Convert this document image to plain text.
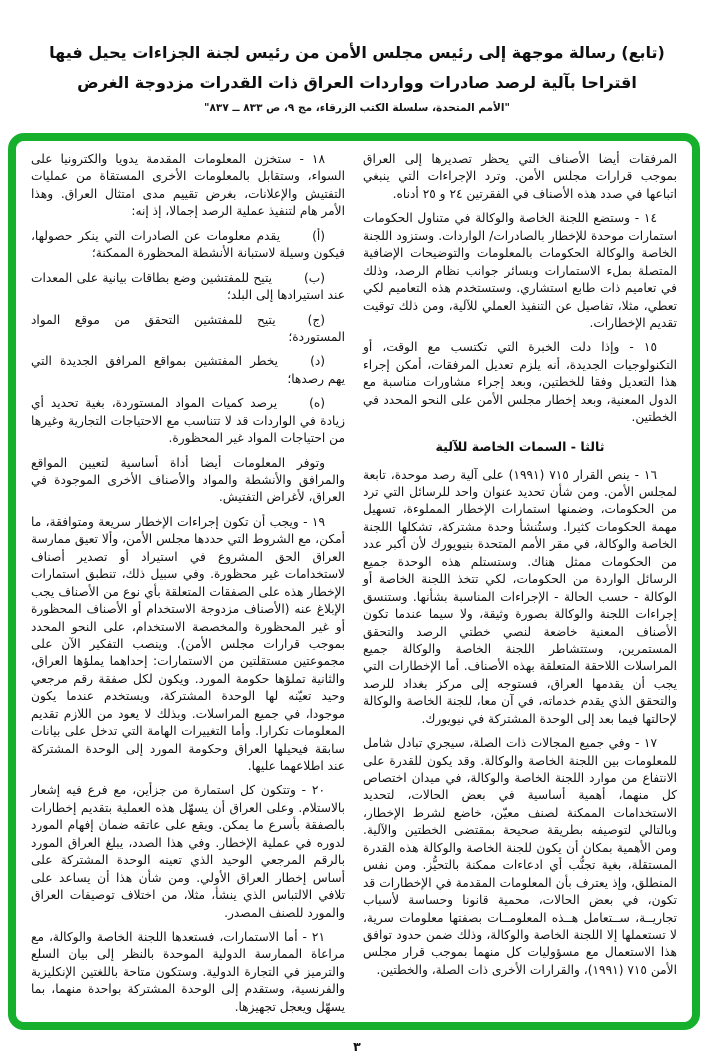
(تابع) رسالة موجهة إلى رئيس مجلس الأمن من رئيس لجنة الجزاءات يحيل فيها
اقتراحا بآلية لرصد صادرات وواردات العراق ذات القدرات مزدوجة الغرض
"الأمم المتحدة، سلسلة الكتب الزرقاء، مج ٩، ص ٨٣٣ ــ ٨٣٧"

المرفقات أيضا الأصناف التي يحظر تصديرها إلى العراق بموجب قرارات مجلس الأمن. وترد الإجراءات التي ينبغي اتباعها في صدد هذه الأصناف في الفقرتين ٢٤ و ٢٥ أدناه.

١٤ - وستضع اللجنة الخاصة والوكالة في متناول الحكومات استمارات موحدة للإخطار بالصادرات/ الواردات. وستزود اللجنة الخاصة والوكالة الحكومات بالمعلومات والتوضيحات الإضافية المتصلة بملء الاستمارات وبسائر جوانب نظام الرصد، وذلك في تعاميم ذات طابع استشاري. وستستخدم هذه التعاميم لكي تعطي، مثلا، تفاصيل عن التنفيذ العملي للآلية، ومن ذلك توقيت تقديم الإخطارات.

١٥ - وإذا دلت الخبرة التي تكتسب مع الوقت، أو التكنولوجيات الجديدة، أنه يلزم تعديل المرفقات، أمكن إجراء هذا التعديل وفقا للخطتين، وبعد إجراء مشاورات مناسبة مع الدول المعنية، وبعد إخطار مجلس الأمن على النحو المحدد في الخطتين.

ثالثا - السمات الخاصة للآلية

١٦ - ينص القرار ٧١٥ (١٩٩١) على آلية رصد موحدة، تابعة لمجلس الأمن. ومن شأن تحديد عنوان واحد للرسائل التي ترد من الحكومات، وضمنها استمارات الإخطار المملوءة، تسهيل مهمة الحكومات كثيرا. وستُنشأ وحدة مشتركة، تشكلها اللجنة الخاصة والوكالة، في مقر الأمم المتحدة بنيويورك لأن أكبر عدد من الحكومات ممثل هناك. وستستلم هذه الوحدة جميع الرسائل الواردة من الحكومات، لكي تتخذ اللجنة الخاصة أو الوكالة - حسب الحالة - الإجراءات المناسبة بشأنها. وستنسق إجراءات اللجنة والوكالة بصورة وثيقة، ولا سيما عندما تكون الأصناف المعنية خاضعة لنصي خطتي الرصد والتحقق المستمرين، وستتشاطر اللجنة الخاصة والوكالة جميع المراسلات اللاحقة المتعلقة بهذه الأصناف. أما الإخطارات التي يجب أن يقدمها العراق، فستوجه إلى مركز بغداد للرصد والتحقق الذي يقدم خدماته، في آن معا، للجنة الخاصة والوكالة لإحالتها فيما بعد إلى الوحدة المشتركة في نيويورك.

١٧ - وفي جميع المجالات ذات الصلة، سيجري تبادل شامل للمعلومات بين اللجنة الخاصة والوكالة. وقد يكون للقدرة على الانتفاع من موارد اللجنة الخاصة والوكالة، في ميدان اختصاص كل منهما، أهمية أساسية في بعض الحالات، لتحديد الاستخدامات الممكنة لصنف معيّن، خاضع لشرط الإخطار، وبالتالي لتوصيفه بطريقة صحيحة بمقتضى الخطتين والآلية. ومن الأهمية بمكان أن يكون للجنة الخاصة والوكالة هذه القدرة المستقلة، بغية تجنُّب أي ادعاءات ممكنة بالتحيُّز. ومن نفس المنطلق، وإذ يعترف بأن المعلومات المقدمة في الإخطارات قد تكون، في بعض الحالات، محمية قانونا وحساسة لأسباب تجاريــة، ســتعامل هــذه المعلومــات بصفتها معلومات سرية، لا تستعملها إلا اللجنة الخاصة والوكالة، وذلك ضمن حدود توافق هذا الاستعمال مع مسؤوليات كل منهما بموجب قرار مجلس الأمن ٧١٥ (١٩٩١)، والقرارات الأخرى ذات الصلة، والخطتين.

١٨ - ستخزن المعلومات المقدمة يدويا والكترونيا على السواء، وستقابل بالمعلومات الأخرى المستقاة من عمليات التفتيش والإعلانات، بغرض تقييم مدى امتثال العراق. وهذا الأمر هام لتنفيذ عملية الرصد إجمالا، إذ إنه:

(أ)يقدم معلومات عن الصادرات التي ينكر حصولها، فيكون وسيلة لاستبانة الأنشطة المحظورة الممكنة؛
(ب)يتيح للمفتشين وضع بطاقات بيانية على المعدات عند استيرادها إلى البلد؛
(ج)يتيح للمفتشين التحقق من موقع المواد المستوردة؛
(د)يخطر المفتشين بمواقع المرافق الجديدة التي يهم رصدها؛
(ه)يرصد كميات المواد المستوردة، بغية تحديد أي زيادة في الواردات قد لا تتناسب مع الاحتياجات التجارية وغيرها من احتياجات المواد غير المحظورة.

وتوفر المعلومات أيضا أداة أساسية لتعيين المواقع والمرافق والأنشطة والمواد والأصناف الأخرى الموجودة في العراق، لأغراض التفتيش.

١٩ - ويجب أن تكون إجراءات الإخطار سريعة ومتوافقة، ما أمكن، مع الشروط التي حددها مجلس الأمن، وألا تعيق ممارسة العراق الحق المشروع في استيراد أو تصدير أصناف لاستخدامات غير محظورة. وفي سبيل ذلك، تنطبق استمارات الإخطار هذه على الصفقات المتعلقة بأي نوع من الأصناف يجب الإبلاغ عنه (الأصناف مزدوجة الاستخدام أو الأصناف المحظورة أو غير المحظورة والمخصصة الاستخدام، على النحو المحدد بموجب قرارات مجلس الأمن). وينصب التفكير الآن على مجموعتين مستقلتين من الاستمارات: إحداهما يملؤها العراق، والثانية تملؤها حكومة المورد. ويكون لكل صفقة رقم مرجعي وحيد تعيّنه لها الوحدة المشتركة، ويستخدم عندما يكون موجودا، في جميع المراسلات. وبذلك لا يعود من اللازم تقديم المعلومات تكرارا. وأما التغييرات الهامة التي تدخل على بيانات سابقة فيحيلها العراق وحكومة المورد إلى الوحدة المشتركة عند اطلاعهما عليها.

٢٠ - وتتكون كل استمارة من جزأين، مع فرع فيه إشعار بالاستلام. وعلى العراق أن يسهّل هذه العملية بتقديم إخطارات بالصفقة بأسرع ما يمكن. ويقع على عاتقه ضمان إفهام المورد لدوره في عملية الإخطار. وفي هذا الصدد، يبلغ العراق المورد بالرقم المرجعي الوحيد الذي تعينه الوحدة المشتركة على أساس إخطار العراق الأولي. ومن شأن هذا أن يساعد على تلافي الالتباس الذي ينشأ، مثلا، من اختلاف توصيفات العراق والمورد للصنف المصدر.

٢١ - أما الاستمارات، فستعدها اللجنة الخاصة والوكالة، مع مراعاة الممارسة الدولية الموحدة بالنظر إلى بيان السلع والترميز في التجارة الدولية. وستكون متاحة باللغتين الإنكليزية والفرنسية، وستقدم إلى الوحدة المشتركة بواحدة منهما، بما يسهّل ويعجل تجهيزها.

٣
